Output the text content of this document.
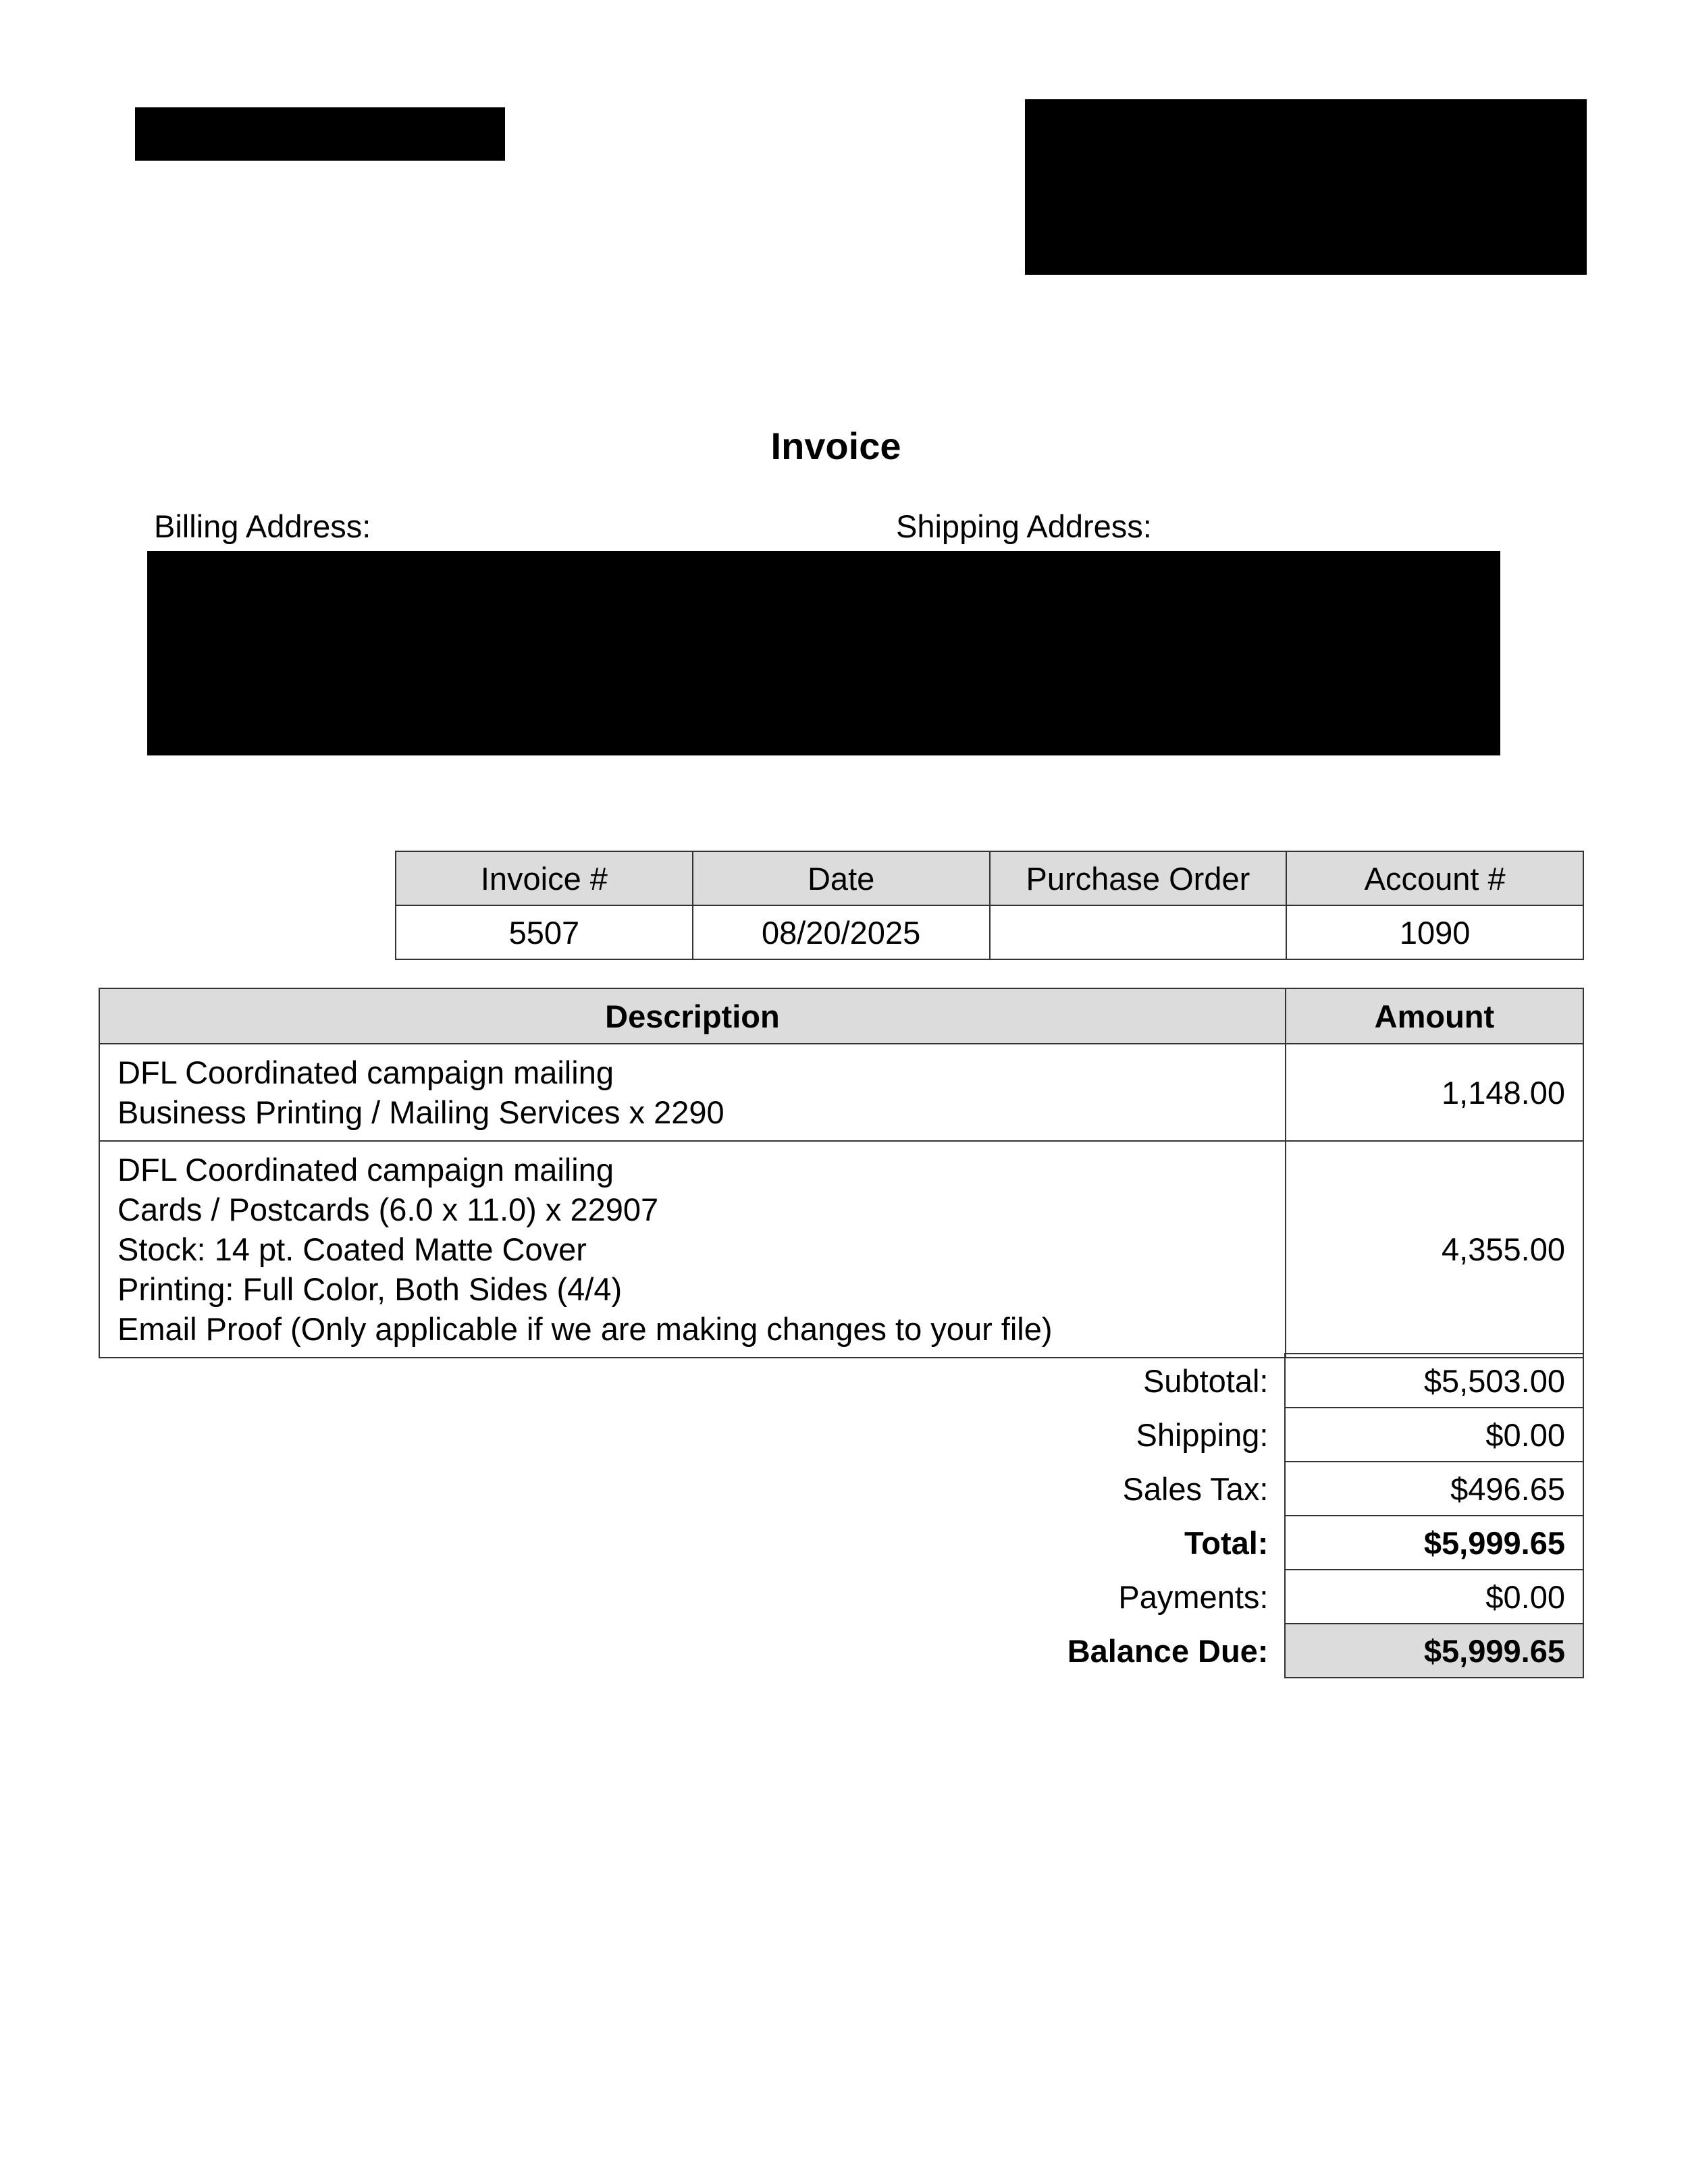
Invoice
Billing Address:	Shipping Address:
Invoice #	Date	Purchase Order	Account #
5507	08/20/2025		1090
Description	Amount

DFL Coordinated campaign mailing
Business Printing / Mailing Services x 2290	1,148.00

DFL Coordinated campaign mailing
Cards / Postcards (6.0 x 11.0) x 22907
Stock: 14 pt. Coated Matte Cover
Printing: Full Color, Both Sides (4/4)
Email Proof (Only applicable if we are making changes to your file)	4,355.00
Subtotal:	$5,503.00
Shipping:	$0.00
Sales Tax:	$496.65
Total:	$5,999.65
Payments:	$0.00
Balance Due:	$5,999.65
